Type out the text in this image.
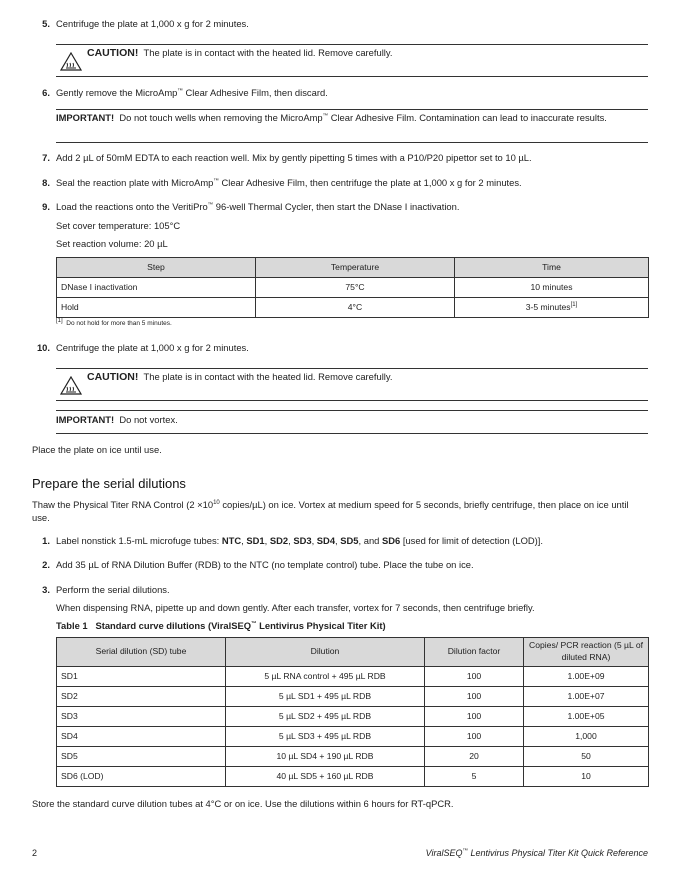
5. Centrifuge the plate at 1,000 x g for 2 minutes.
CAUTION! The plate is in contact with the heated lid. Remove carefully.
6. Gently remove the MicroAmp™ Clear Adhesive Film, then discard.
IMPORTANT! Do not touch wells when removing the MicroAmp™ Clear Adhesive Film. Contamination can lead to inaccurate results.
7. Add 2 µL of 50mM EDTA to each reaction well. Mix by gently pipetting 5 times with a P10/P20 pipettor set to 10 µL.
8. Seal the reaction plate with MicroAmp™ Clear Adhesive Film, then centrifuge the plate at 1,000 x g for 2 minutes.
9. Load the reactions onto the VeritiPro™ 96-well Thermal Cycler, then start the DNase I inactivation.
Set cover temperature: 105°C
Set reaction volume: 20 µL
Step	Temperature	Time
DNase I inactivation	75°C	10 minutes
Hold	4°C	3-5 minutes[1]
[1] Do not hold for more than 5 minutes.
10. Centrifuge the plate at 1,000 x g for 2 minutes.
CAUTION! The plate is in contact with the heated lid. Remove carefully.
IMPORTANT! Do not vortex.
Place the plate on ice until use.
Prepare the serial dilutions
Thaw the Physical Titer RNA Control ($2 \times 10^{10}$ copies/µL) on ice. Vortex at medium speed for 5 seconds, briefly centrifuge, then place on ice until use.
1. Label nonstick 1.5-mL microfuge tubes: NTC, SD1, SD2, SD3, SD4, SD5, and SD6 [used for limit of detection (LOD)].
2. Add 35 µL of RNA Dilution Buffer (RDB) to the NTC (no template control) tube. Place the tube on ice.
3. Perform the serial dilutions.
When dispensing RNA, pipette up and down gently. After each transfer, vortex for 7 seconds, then centrifuge briefly.
Table 1 Standard curve dilutions (ViralSEQ™ Lentivirus Physical Titer Kit)
Serial dilution (SD) tube	Dilution	Dilution factor	Copies/ PCR reaction (5 µL of diluted RNA)
SD1	5 µL RNA control + 495 µL RDB	100	1.00E+09
SD2	5 µL SD1 + 495 µL RDB	100	1.00E+07
SD3	5 µL SD2 + 495 µL RDB	100	1.00E+05
SD4	5 µL SD3 + 495 µL RDB	100	1,000
SD5	10 µL SD4 + 190 µL RDB	20	50
SD6 (LOD)	40 µL SD5 + 160 µL RDB	5	10
Store the standard curve dilution tubes at 4°C or on ice. Use the dilutions within 6 hours for RT-qPCR.
2	ViralSEQ™ Lentivirus Physical Titer Kit Quick Reference
